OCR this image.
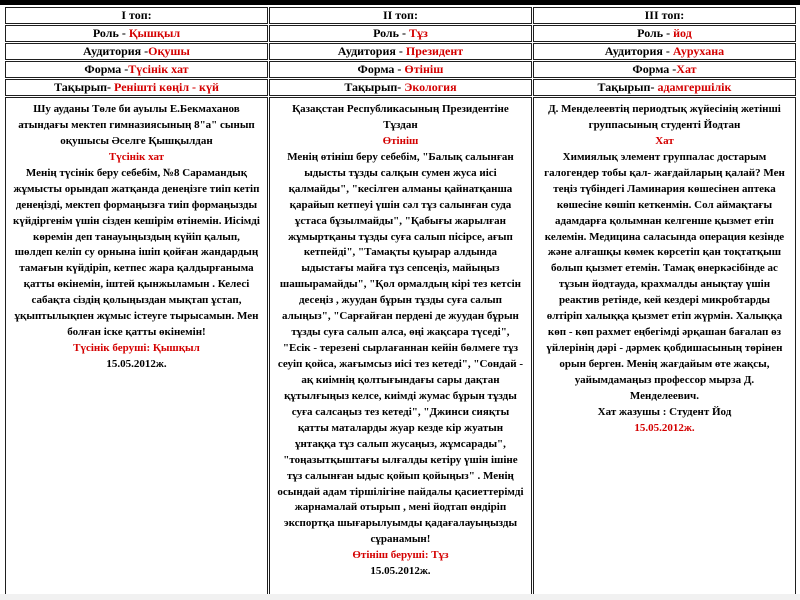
І топ:	ІІ топ:	ІІІ топ:
Роль - Қышқыл	Роль - Тұз	Роль - йод
Аудитория -Оқушы	Аудитория - Президент	Аудитория - Аурухана
Форма -Түсінік хат	Форма - Өтініш	Форма -Хат
Тақырып- Ренішті көңіл - күй	Тақырып- Экология	Тақырып- адамгершілік

Шу ауданы Төле би ауылы Е.Бекмаханов атындағы мектеп гимназиясының 8"а" сынып оқушысы Әселге Қышқылдан
Түсінік хат
Менің түсінік беру себебім, №8 Сарамандық жұмысты орындап жатқанда денеңізге тиіп кетіп денеңізді, мектеп формаңызға тиіп формаңызды күйдіргенім үшін сізден кешірім өтінемін. Иісімді көремін деп танауыңыздың күйіп қалып, шөлдеп келіп су орнына ішіп қойған жандардың тамағын күйдіріп, кетпес жара қалдырғаныма қатты өкінемін, іштей қынжыламын . Келесі сабақта сіздің қолыңыздан мықтап ұстап, ұқыптылықпен жұмыс істеуге тырысамын. Мен болған іске қатты өкінемін!
Түсінік беруші: Қышқыл
15.05.2012ж.

Қазақстан Республикасының Президентіне Тұздан
Өтініш
Менің өтініш беру себебім, "Балық салынған ыдысты тұзды салқын сумен жуса иісі қалмайды", "кесілген алманы қайнатқанша қарайып кетпеуі үшін сәл тұз салынған суда ұстаса бұзылмайды", "Қабығы жарылған жұмыртқаны тұзды суға салып пісірсе, ағып кетпейді", "Тамақты қуырар алдында ыдыстағы майға тұз сепсеңіз, майыңыз шашырамайды", "Қол ормалдың кірі тез кетсін десеңіз , жуудан бұрын тұзды суға салып алыңыз", "Сарғайған пердені де жуудан бұрын тұзды суға салып алса, өңі жақсара түседі", "Есік - терезені сырлағаннан кейін бөлмеге тұз сеуіп қойса, жағымсыз иісі тез кетеді", "Сондай - ақ киімнің қолтығындағы сары дақтан құтылғыңыз келсе, киімді жумас бұрын тұзды суға салсаңыз тез кетеді", "Джинси сияқты қатты маталарды жуар кезде кір жуатын ұнтаққа тұз салып жусаңыз, жұмсарады", "тоңазытқыштағы ылғалды кетіру үшін ішіне тұз салынған ыдыс қойып қойыңыз" . Менің осындай адам тіршілігіне пайдалы қасиеттерімді жарнамалай отырып , мені йодтап өндіріп экспортқа шығарылуымды қадағалауыңызды сұранамын!
Өтініш беруші: Тұз
15.05.2012ж.

Д. Менделеевтің периодтық жүйесінің жетінші группасының студенті Йодтан
Хат
Химиялық элемент группалас достарым галогендер тобы қал- жағдайларың қалай? Мен теңіз түбіндегі Ламинария көшесінен аптека көшесіне көшіп кеткенмін. Сол аймақтағы адамдарға қолымнан келгенше қызмет етіп келемін. Медицина саласында операция кезінде және алғашқы көмек көрсетіп қан тоқтатқыш болып қызмет етемін. Тамақ өнеркәсібінде ас тұзын йодтауда, крахмалды анықтау үшін реактив ретінде, кей кездері микробтарды өлтіріп халыққа қызмет етіп жүрмін. Халыққа көп - көп рахмет еңбегімді әрқашан бағалап өз үйлерінің дәрі - дәрмек қобдишасының төрінен орын берген. Менің жағдайым өте жақсы, уайымдамаңыз профессор мырза Д. Менделеевич.
Хат жазушы : Студент Йод
15.05.2012ж.
